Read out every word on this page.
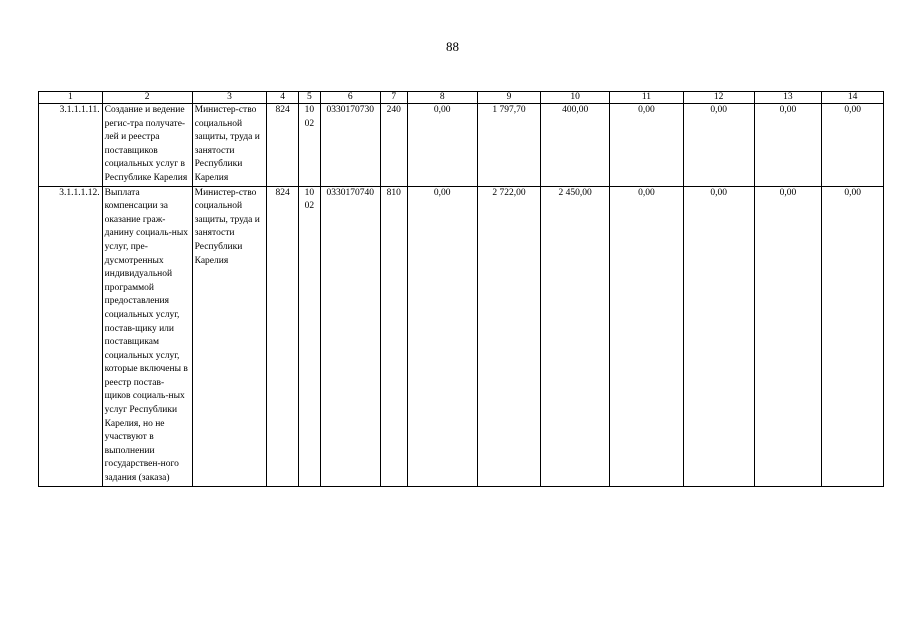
88
1	2	3	4	5	6	7	8	9	10	11	12	13	14
3.1.1.1.11.	Создание и ведение регис-тра получате-лей и реестра поставщиков социальных услуг в Республике Карелия	Министер-ство социальной защиты, труда и занятости Республики Карелия	824	10 02	0330170730	240	0,00	1 797,70	400,00	0,00	0,00	0,00	0,00
3.1.1.1.12.	Выплата компенсации за оказание граж-данину социаль-ных услуг, пре-дусмотренных индивидуальной программой предоставления социальных услуг, постав-щику или поставщикам социальных услуг, которые включены в реестр постав-щиков социаль-ных услуг Республики Карелия, но не участвуют в выполнении государствен-ного задания (заказа)	Министер-ство социальной защиты, труда и занятости Республики Карелия	824	10 02	0330170740	810	0,00	2 722,00	2 450,00	0,00	0,00	0,00	0,00
